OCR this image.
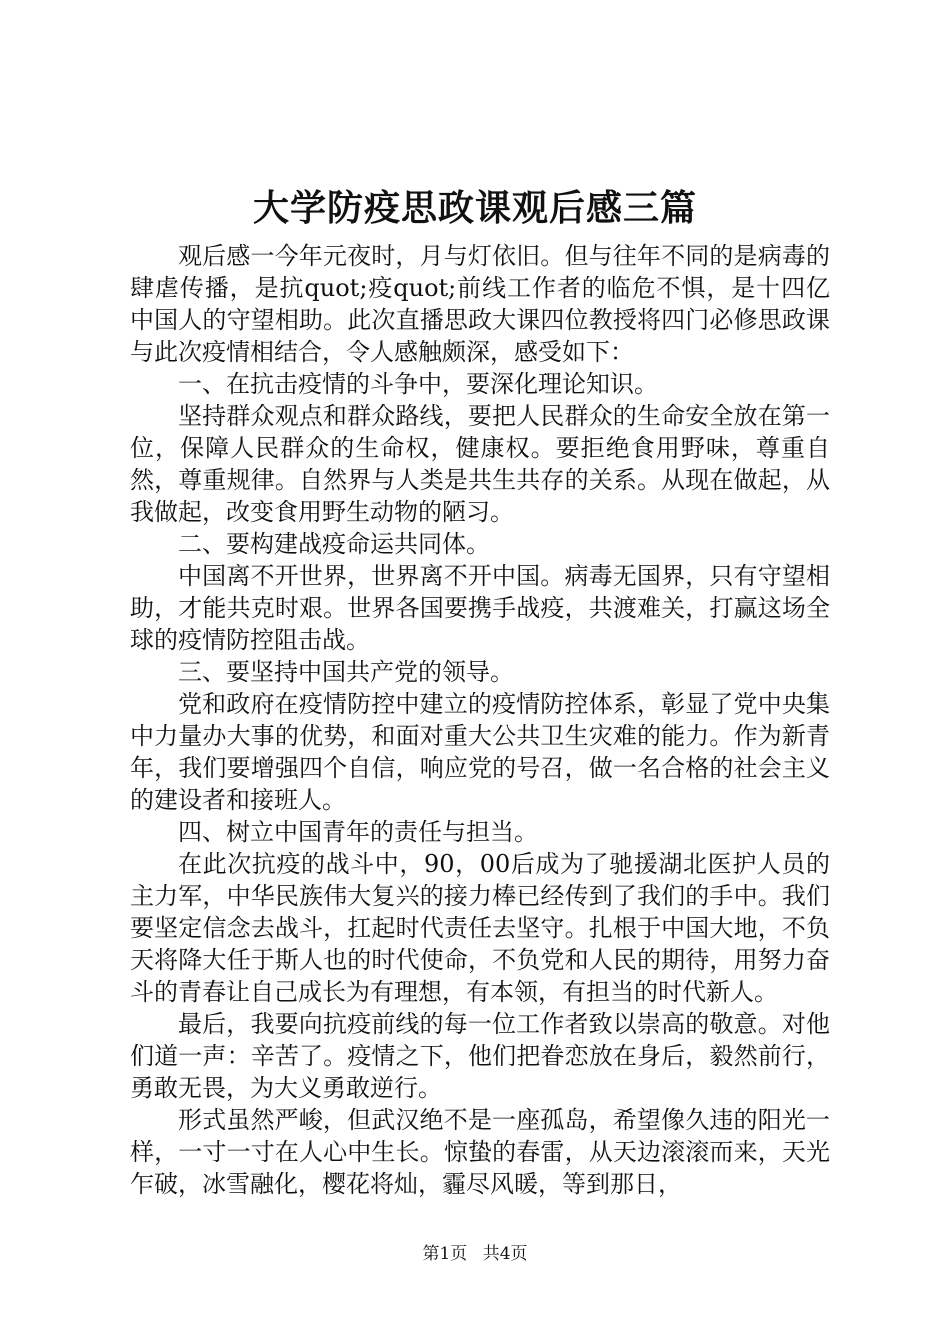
大学防疫思政课观后感三篇

观后感一今年元夜时，月与灯依旧。但与往年不同的是病毒的肆虐传播，是抗quot;疫quot;前线工作者的临危不惧，是十四亿中国人的守望相助。此次直播思政大课四位教授将四门必修思政课与此次疫情相结合，令人感触颇深，感受如下：

一、在抗击疫情的斗争中，要深化理论知识。

坚持群众观点和群众路线，要把人民群众的生命安全放在第一位，保障人民群众的生命权，健康权。要拒绝食用野味，尊重自然，尊重规律。自然界与人类是共生共存的关系。从现在做起，从我做起，改变食用野生动物的陋习。

二、要构建战疫命运共同体。

中国离不开世界，世界离不开中国。病毒无国界，只有守望相助，才能共克时艰。世界各国要携手战疫，共渡难关，打赢这场全球的疫情防控阻击战。

三、要坚持中国共产党的领导。

党和政府在疫情防控中建立的疫情防控体系，彰显了党中央集中力量办大事的优势，和面对重大公共卫生灾难的能力。作为新青年，我们要增强四个自信，响应党的号召，做一名合格的社会主义的建设者和接班人。

四、树立中国青年的责任与担当。

在此次抗疫的战斗中，90，00后成为了驰援湖北医护人员的主力军，中华民族伟大复兴的接力棒已经传到了我们的手中。我们要坚定信念去战斗，扛起时代责任去坚守。扎根于中国大地，不负天将降大任于斯人也的时代使命，不负党和人民的期待，用努力奋斗的青春让自己成长为有理想，有本领，有担当的时代新人。

最后，我要向抗疫前线的每一位工作者致以崇高的敬意。对他们道一声：辛苦了。疫情之下，他们把眷恋放在身后，毅然前行，勇敢无畏，为大义勇敢逆行。

形式虽然严峻，但武汉绝不是一座孤岛，希望像久违的阳光一样，一寸一寸在人心中生长。惊蛰的春雷，从天边滚滚而来，天光乍破，冰雪融化，樱花将灿，霾尽风暖，等到那日，

第1页 共4页
